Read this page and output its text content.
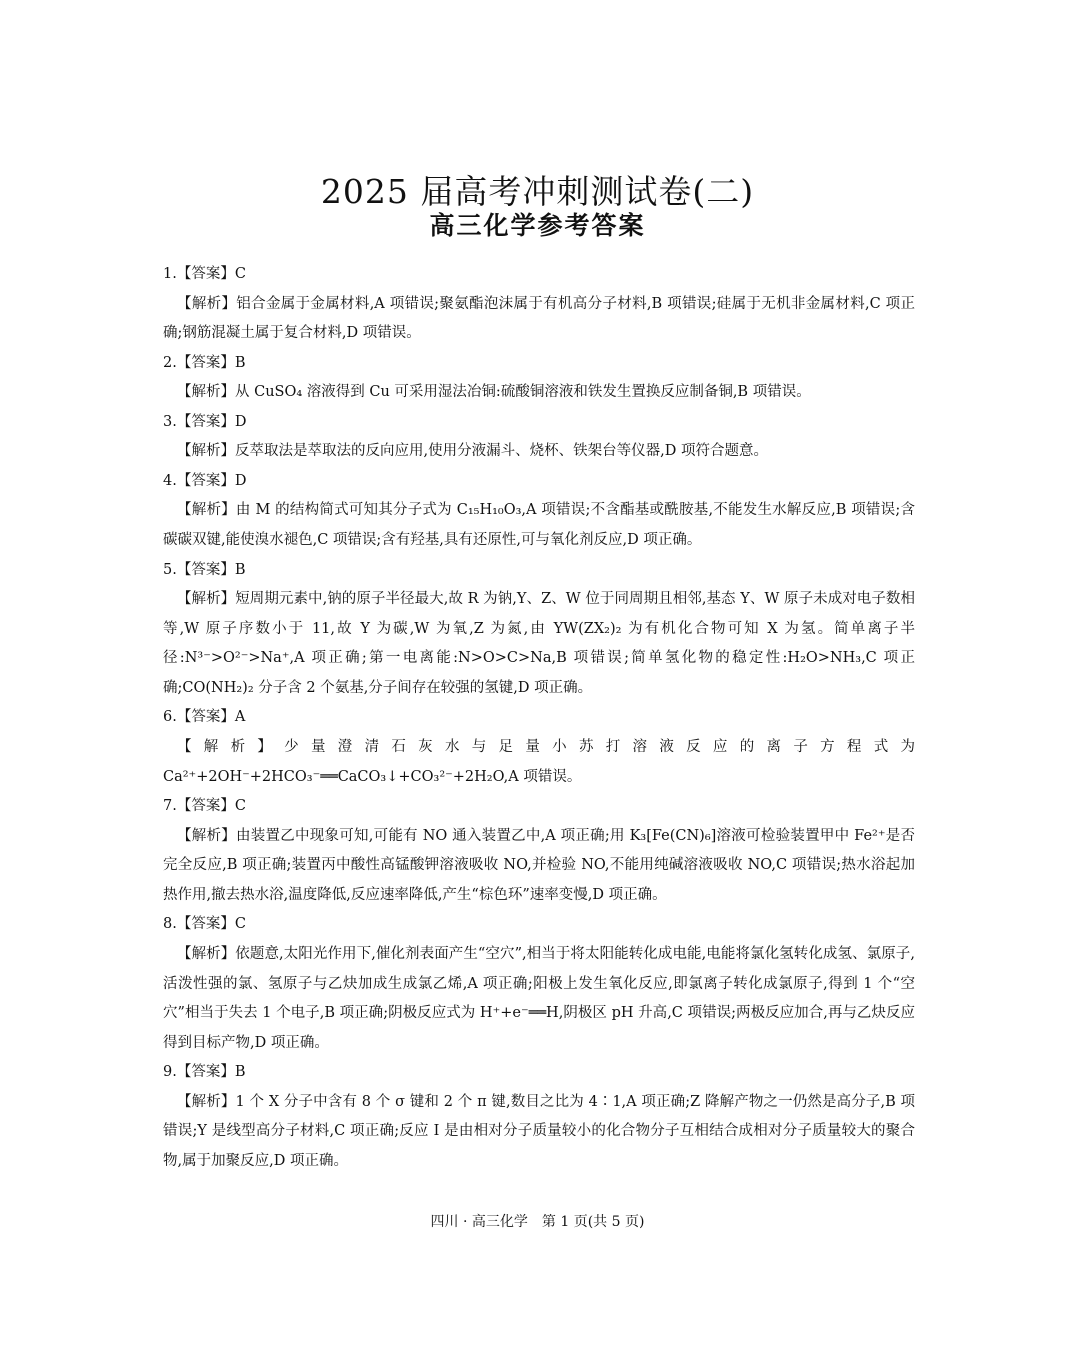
2025 届高考冲刺测试卷(二)
高三化学参考答案
1.【答案】C
【解析】铝合金属于金属材料,A 项错误;聚氨酯泡沫属于有机高分子材料,B 项错误;硅属于无机非金属材料,C 项正确;钢筋混凝土属于复合材料,D 项错误。
2.【答案】B
【解析】从 CuSO₄ 溶液得到 Cu 可采用湿法冶铜:硫酸铜溶液和铁发生置换反应制备铜,B 项错误。
3.【答案】D
【解析】反萃取法是萃取法的反向应用,使用分液漏斗、烧杯、铁架台等仪器,D 项符合题意。
4.【答案】D
【解析】由 M 的结构简式可知其分子式为 C₁₅H₁₀O₃,A 项错误;不含酯基或酰胺基,不能发生水解反应,B 项错误;含碳碳双键,能使溴水褪色,C 项错误;含有羟基,具有还原性,可与氧化剂反应,D 项正确。
5.【答案】B
【解析】短周期元素中,钠的原子半径最大,故 R 为钠,Y、Z、W 位于同周期且相邻,基态 Y、W 原子未成对电子数相等,W 原子序数小于 11,故 Y 为碳,W 为氧,Z 为氮,由 YW(ZX₂)₂ 为有机化合物可知 X 为氢。简单离子半径:N³⁻>O²⁻>Na⁺,A 项正确;第一电离能:N>O>C>Na,B 项错误;简单氢化物的稳定性:H₂O>NH₃,C 项正确;CO(NH₂)₂ 分子含 2 个氨基,分子间存在较强的氢键,D 项正确。
6.【答案】A
【解析】少量澄清石灰水与足量小苏打溶液反应的离子方程式为 Ca²⁺+2OH⁻+2HCO₃⁻══CaCO₃↓+CO₃²⁻+2H₂O,A 项错误。
7.【答案】C
【解析】由装置乙中现象可知,可能有 NO 通入装置乙中,A 项正确;用 K₃[Fe(CN)₆]溶液可检验装置甲中 Fe²⁺是否完全反应,B 项正确;装置丙中酸性高锰酸钾溶液吸收 NO,并检验 NO,不能用纯碱溶液吸收 NO,C 项错误;热水浴起加热作用,撤去热水浴,温度降低,反应速率降低,产生“棕色环”速率变慢,D 项正确。
8.【答案】C
【解析】依题意,太阳光作用下,催化剂表面产生“空穴”,相当于将太阳能转化成电能,电能将氯化氢转化成氢、氯原子,活泼性强的氯、氢原子与乙炔加成生成氯乙烯,A 项正确;阳极上发生氧化反应,即氯离子转化成氯原子,得到 1 个“空穴”相当于失去 1 个电子,B 项正确;阴极反应式为 H⁺+e⁻══H,阴极区 pH 升高,C 项错误;两极反应加合,再与乙炔反应得到目标产物,D 项正确。
9.【答案】B
【解析】1 个 X 分子中含有 8 个 σ 键和 2 个 π 键,数目之比为 4∶1,A 项正确;Z 降解产物之一仍然是高分子,B 项错误;Y 是线型高分子材料,C 项正确;反应 I 是由相对分子质量较小的化合物分子互相结合成相对分子质量较大的聚合物,属于加聚反应,D 项正确。
四川 · 高三化学　第 1 页(共 5 页)
